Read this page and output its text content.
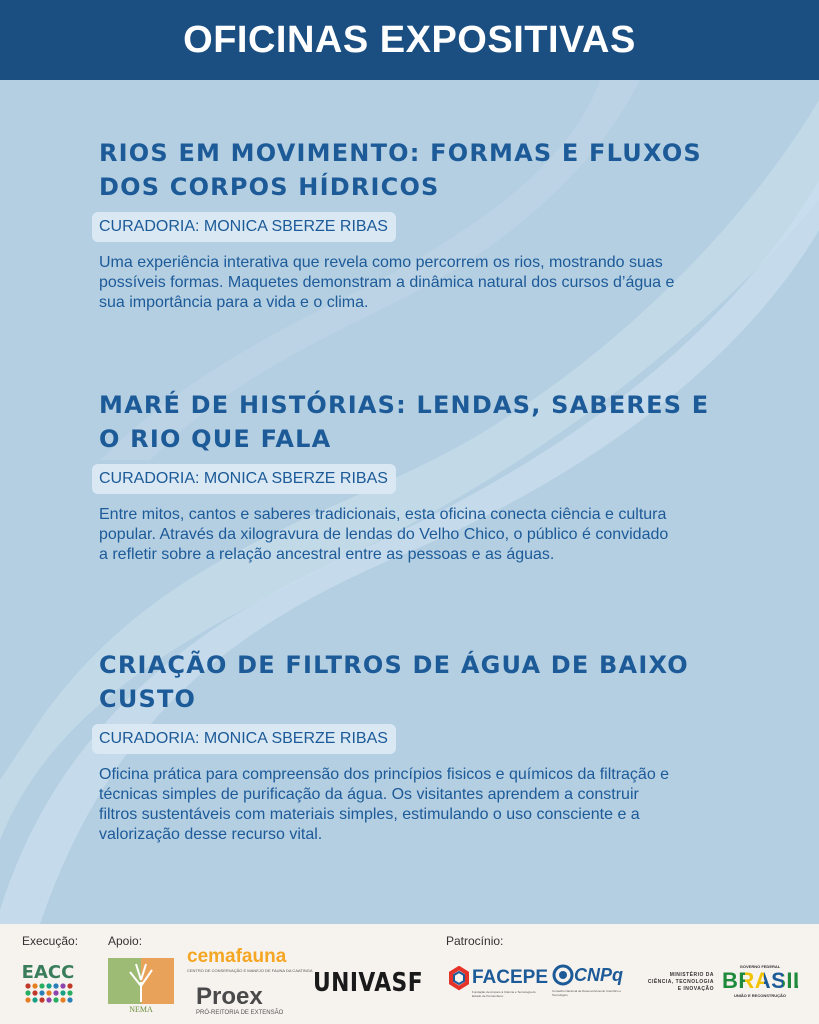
OFICINAS EXPOSITIVAS
RIOS EM MOVIMENTO: FORMAS E FLUXOS
DOS CORPOS HÍDRICOS
CURADORIA: MONICA SBERZE RIBAS

Uma experiência interativa que revela como percorrem os rios, mostrando suas
possíveis formas. Maquetes demonstram a dinâmica natural dos cursos d’água e
sua importância para a vida e o clima.

MARÉ DE HISTÓRIAS: LENDAS, SABERES E
O RIO QUE FALA
CURADORIA: MONICA SBERZE RIBAS

Entre mitos, cantos e saberes tradicionais, esta oficina conecta ciência e cultura
popular. Através da xilogravura de lendas do Velho Chico, o público é convidado
a refletir sobre a relação ancestral entre as pessoas e as águas.

CRIAÇÃO DE FILTROS DE ÁGUA DE BAIXO
CUSTO
CURADORIA: MONICA SBERZE RIBAS

Oficina prática para compreensão dos princípios fisicos e químicos da filtração e
técnicas simples de purificação da água. Os visitantes aprendem a construir
filtros sustentáveis com materiais simples, estimulando o uso consciente e a
valorização desse recurso vital.

Execução: Apoio:	Patrocínio:
EACC
NEMA
cemafauna
CENTRO DE CONSERVAÇÃO E MANEJO DE FAUNA DA CAATINGA
Proex
PRÓ-REITORIA DE EXTENSÃO
UNIVASF	FACEPE
Fundação de Amparo à Ciência e Tecnologia do Estado de Pernambuco
CNPq
Conselho Nacional de Desenvolvimento Científico e Tecnológico
MINISTÉRIO DA
CIÊNCIA, TECNOLOGIA
E INOVAÇÃO
GOVERNO FEDERAL
BRASIL
UNIÃO E RECONSTRUÇÃO
